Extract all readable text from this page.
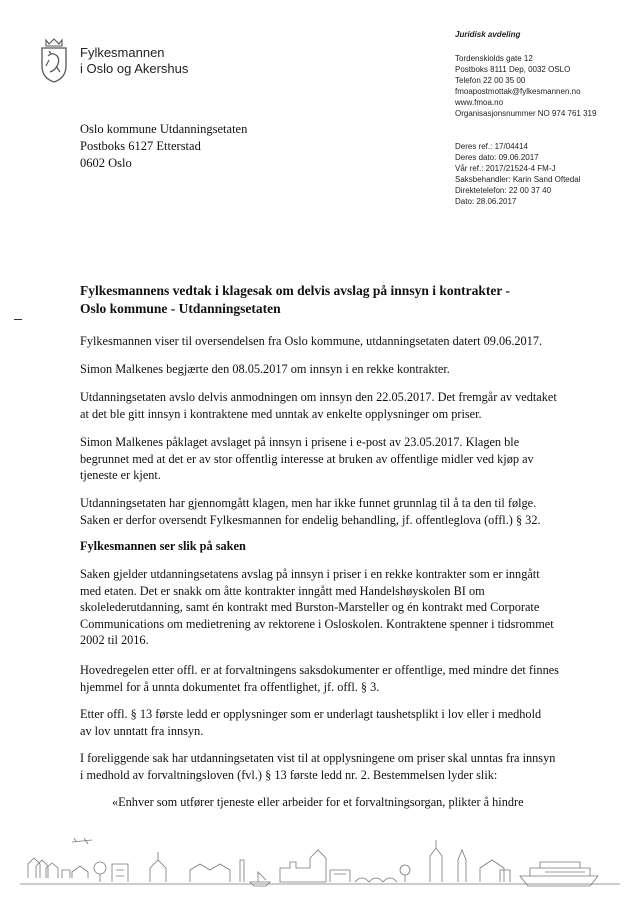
Fylkesmannen
i Oslo og Akershus
Juridisk avdeling
Tordenskiolds gate 12
Postboks 8111 Dep, 0032 OSLO
Telefon 22 00 35 00
fmoapostmottak@fylkesmannen.no
www.fmoa.no
Organisasjonsnummer NO 974 761 319
Deres ref.: 17/04414
Deres dato: 09.06.2017
Vår ref.: 2017/21524-4 FM-J
Saksbehandler: Karin Sand Oftedal
Direktetelefon: 22 00 37 40
Dato: 28.06.2017
Oslo kommune Utdanningsetaten
Postboks 6127 Etterstad
0602 Oslo
Fylkesmannens vedtak i klagesak om delvis avslag på innsyn i kontrakter -
Oslo kommune - Utdanningsetaten
Fylkesmannen viser til oversendelsen fra Oslo kommune, utdanningsetaten datert 09.06.2017.
Simon Malkenes begjærte den 08.05.2017 om innsyn i en rekke kontrakter.
Utdanningsetaten avslo delvis anmodningen om innsyn den 22.05.2017. Det fremgår av vedtaket
at det ble gitt innsyn i kontraktene med unntak av enkelte opplysninger om priser.
Simon Malkenes påklaget avslaget på innsyn i prisene i e-post av 23.05.2017. Klagen ble
begrunnet med at det er av stor offentlig interesse at bruken av offentlige midler ved kjøp av
tjeneste er kjent.
Utdanningsetaten har gjennomgått klagen, men har ikke funnet grunnlag til å ta den til følge.
Saken er derfor oversendt Fylkesmannen for endelig behandling, jf. offentleglova (offl.) § 32.
Fylkesmannen ser slik på saken
Saken gjelder utdanningsetatens avslag på innsyn i priser i en rekke kontrakter som er inngått
med etaten. Det er snakk om åtte kontrakter inngått med Handelshøyskolen BI om
skolelederutdanning, samt én kontrakt med Burston-Marsteller og én kontrakt med Corporate
Communications om medietrening av rektorene i Osloskolen. Kontraktene spenner i tidsrommet
2002 til 2016.
Hovedregelen etter offl. er at forvaltningens saksdokumenter er offentlige, med mindre det finnes
hjemmel for å unnta dokumentet fra offentlighet, jf. offl. § 3.
Etter offl. § 13 første ledd er opplysninger som er underlagt taushetsplikt i lov eller i medhold
av lov unntatt fra innsyn.
I foreliggende sak har utdanningsetaten vist til at opplysningene om priser skal unntas fra innsyn
i medhold av forvaltningsloven (fvl.) § 13 første ledd nr. 2. Bestemmelsen lyder slik:
«Enhver som utfører tjeneste eller arbeider for et forvaltningsorgan, plikter å hindre
